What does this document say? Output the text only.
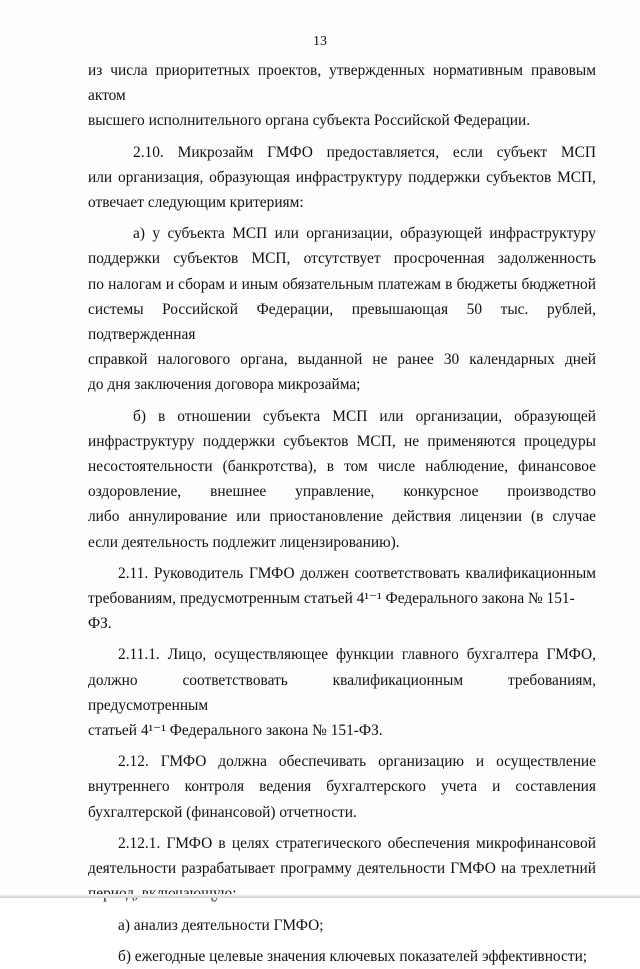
13

из числа приоритетных проектов, утвержденных нормативным правовым актом

высшего исполнительного органа субъекта Российской Федерации.

2.10. Микрозайм ГМФО предоставляется, если субъект МСП

или организация, образующая инфраструктуру поддержки субъектов МСП,

отвечает следующим критериям:

а) у субъекта МСП или организации, образующей инфраструктуру

поддержки субъектов МСП, отсутствует просроченная задолженность

по налогам и сборам и иным обязательным платежам в бюджеты бюджетной

системы Российской Федерации, превышающая 50 тыс. рублей, подтвержденная

справкой налогового органа, выданной не ранее 30 календарных дней

до дня заключения договора микрозайма;

б) в отношении субъекта МСП или организации, образующей

инфраструктуру поддержки субъектов МСП, не применяются процедуры

несостоятельности (банкротства), в том числе наблюдение, финансовое

оздоровление, внешнее управление, конкурсное производство

либо аннулирование или приостановление действия лицензии (в случае

если деятельность подлежит лицензированию).

2.11. Руководитель ГМФО должен соответствовать квалификационным

требованиям, предусмотренным статьей 4¹⁻¹ Федерального закона № 151-ФЗ.

2.11.1. Лицо, осуществляющее функции главного бухгалтера ГМФО,

должно соответствовать квалификационным требованиям, предусмотренным

статьей 4¹⁻¹ Федерального закона № 151-ФЗ.

2.12. ГМФО должна обеспечивать организацию и осуществление

внутреннего контроля ведения бухгалтерского учета и составления

бухгалтерской (финансовой) отчетности.

2.12.1. ГМФО в целях стратегического обеспечения микрофинансовой

деятельности разрабатывает программу деятельности ГМФО на трехлетний

а) анализ деятельности ГМФО;

б) ежегодные целевые значения ключевых показателей эффективности;
